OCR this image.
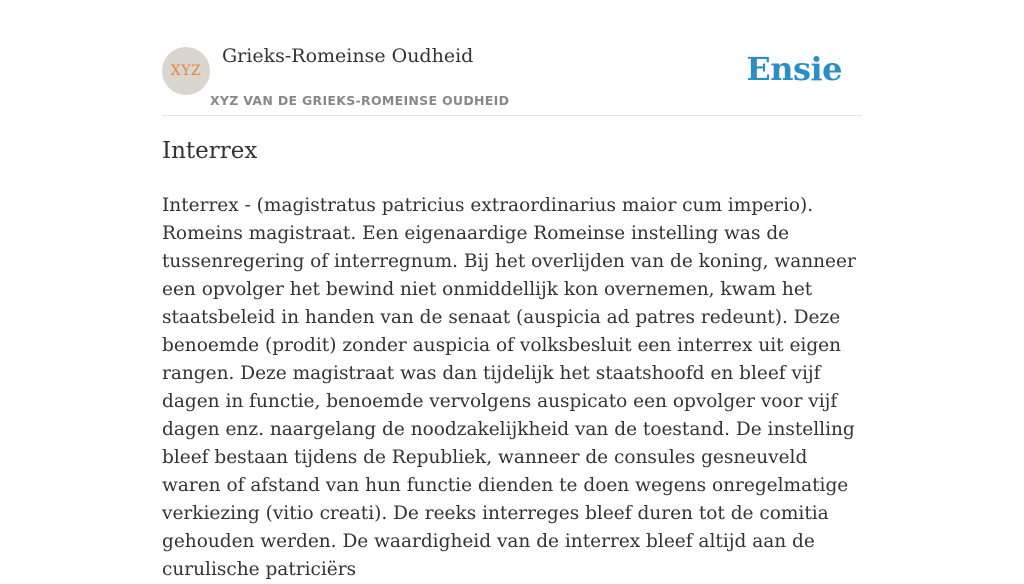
XYZ
Grieks-Romeinse Oudheid
XYZ VAN DE GRIEKS-ROMEINSE OUDHEID
Ensie
Interrex

Interrex - (magistratus patricius extraordinarius maior cum imperio). Romeins magistraat. Een eigenaardige Romeinse instelling was de tussenregering of interregnum. Bij het overlijden van de koning, wanneer een opvolger het bewind niet onmiddellijk kon overnemen, kwam het staatsbeleid in handen van de senaat (auspicia ad patres redeunt). Deze benoemde (prodit) zonder auspicia of volksbesluit een interrex uit eigen rangen. Deze magistraat was dan tijdelijk het staatshoofd en bleef vijf dagen in functie, benoemde vervolgens auspicato een opvolger voor vijf dagen enz. naargelang de noodzakelijkheid van de toestand. De instelling bleef bestaan tijdens de Republiek, wanneer de consules gesneuveld waren of afstand van hun functie dienden te doen wegens onregelmatige verkiezing (vitio creati). De reeks interreges bleef duren tot de comitia gehouden werden. De waardigheid van de interrex bleef altijd aan de curulische patriciërs
